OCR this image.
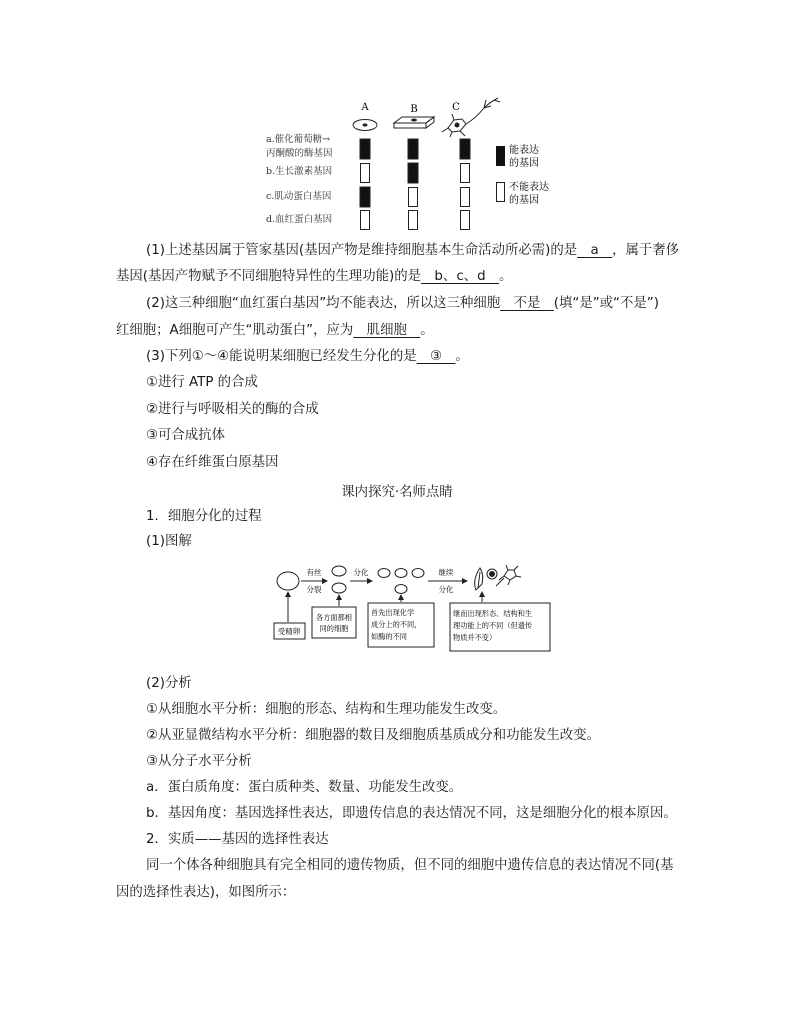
A	B	C
a.催化葡萄糖→
丙酮酸的酶基因
b.生长激素基因
c.肌动蛋白基因
d.血红蛋白基因
能表达
的基因
不能表达
的基因
(1)上述基因属于管家基因(基因产物是维持细胞基本生命活动所必需)的是　a　，属于奢侈
基因(基因产物赋予不同细胞特异性的生理功能)的是　b、c、d　。
(2)这三种细胞“血红蛋白基因”均不能表达，所以这三种细胞　不是　(填“是”或“不是”)
红细胞；A细胞可产生“肌动蛋白”，应为　肌细胞　。
(3)下列①～④能说明某细胞已经发生分化的是　③　。
①进行 ATP 的合成
②进行与呼吸相关的酶的合成
③可合成抗体
④存在纤维蛋白原基因
课内探究·名师点睛
1．细胞分化的过程
(1)图解
有丝
分裂
分化	继续
分化
受精卵
各方面都相
同的细胞
首先出现化学
成分上的不同，
如酶的不同
继而出现形态、结构和生
理功能上的不同（但遗传
物质并不变）
(2)分析
①从细胞水平分析：细胞的形态、结构和生理功能发生改变。
②从亚显微结构水平分析：细胞器的数目及细胞质基质成分和功能发生改变。
③从分子水平分析
a．蛋白质角度：蛋白质种类、数量、功能发生改变。
b．基因角度：基因选择性表达，即遗传信息的表达情况不同，这是细胞分化的根本原因。
2．实质——基因的选择性表达
同一个体各种细胞具有完全相同的遗传物质，但不同的细胞中遗传信息的表达情况不同(基
因的选择性表达)，如图所示：
